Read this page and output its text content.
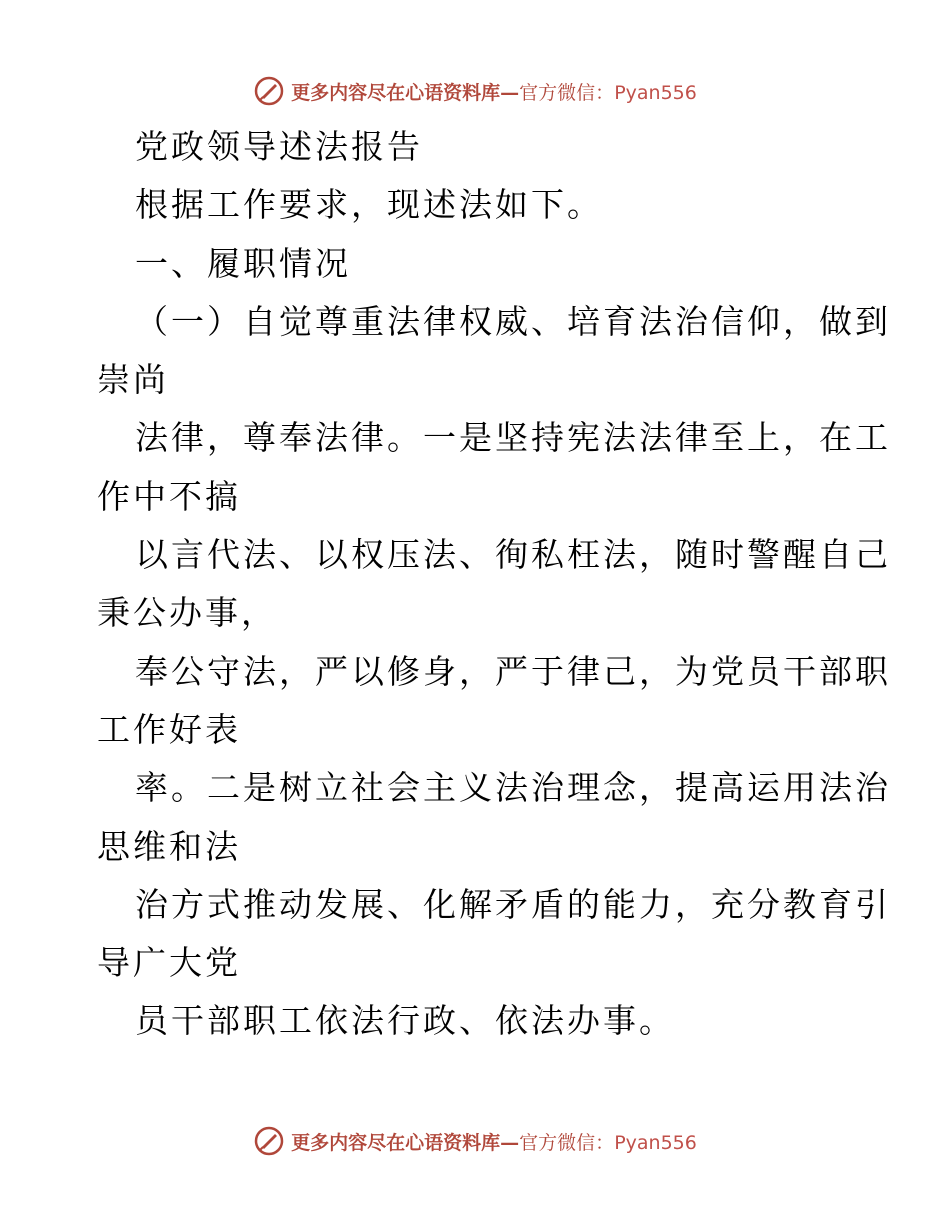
更多内容尽在心语资料库—官方微信：Pyan556
党政领导述法报告
根据工作要求，现述法如下。
一、履职情况
（一）自觉尊重法律权威、培育法治信仰，做到
崇尚
法律，尊奉法律。一是坚持宪法法律至上，在工
作中不搞
以言代法、以权压法、徇私枉法，随时警醒自己
秉公办事，
奉公守法，严以修身，严于律己，为党员干部职
工作好表
率。二是树立社会主义法治理念，提高运用法治
思维和法
治方式推动发展、化解矛盾的能力，充分教育引
导广大党
员干部职工依法行政、依法办事。
更多内容尽在心语资料库—官方微信：Pyan556
